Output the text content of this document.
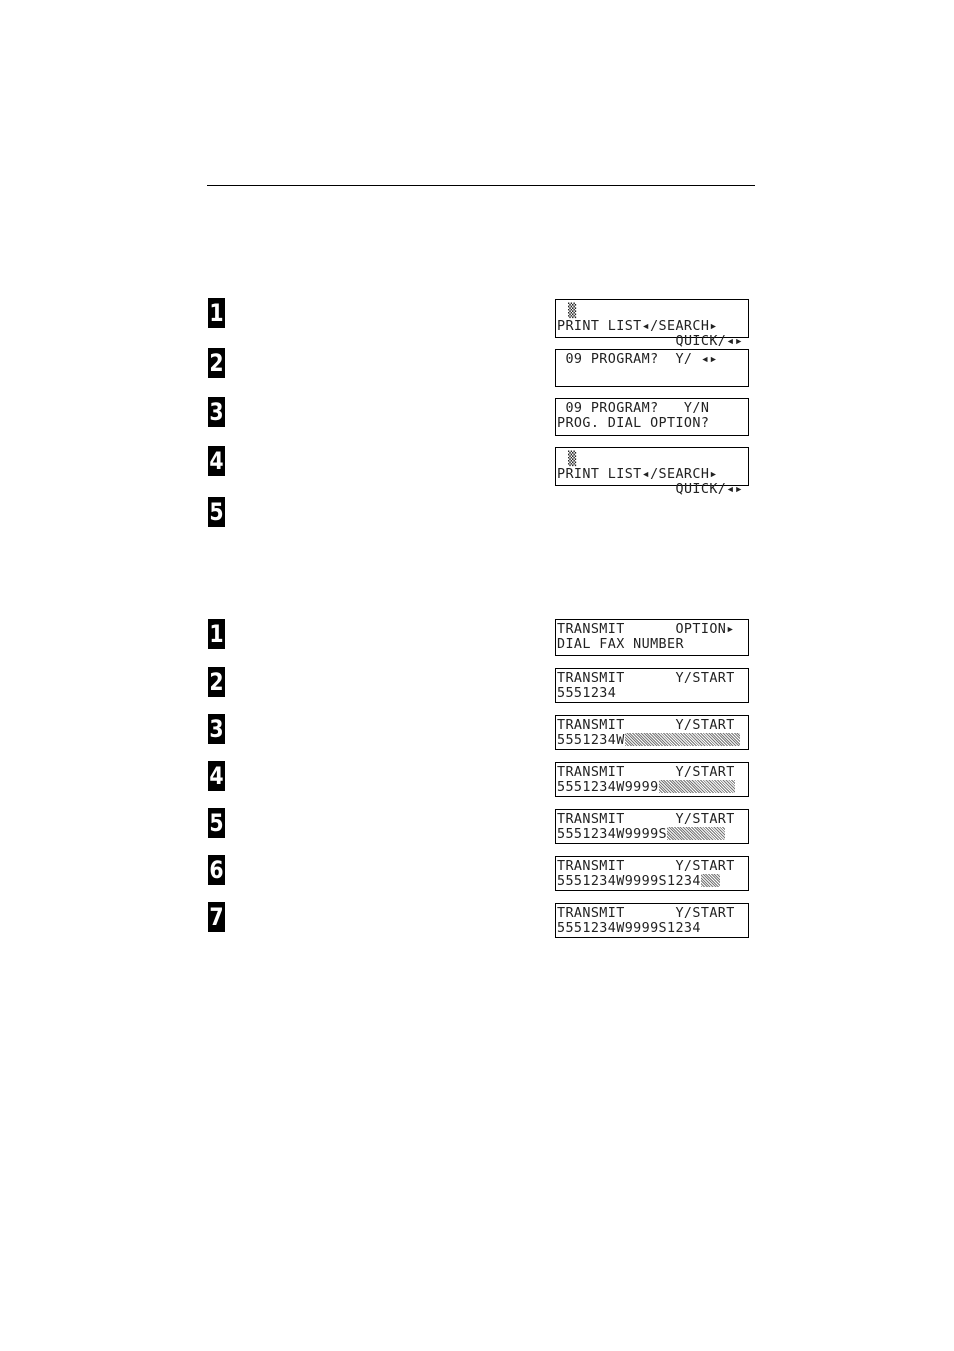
1
2
3
4
5

▒

QUICK/◂▸

PRINT LIST◂/SEARCH▸
09 PROGRAM?  Y/ ◂▸
09 PROGRAM?   Y/N
PROG. DIAL OPTION?

▒

QUICK/◂▸

PRINT LIST◂/SEARCH▸
1
2
3
4
5
6
7
TRANSMIT      OPTION▸
DIAL FAX NUMBER
TRANSMIT      Y/START
5551234
TRANSMIT      Y/START
5551234W
TRANSMIT      Y/START
5551234W9999
TRANSMIT      Y/START
5551234W9999S
TRANSMIT      Y/START
5551234W9999S1234
TRANSMIT      Y/START
5551234W9999S1234
